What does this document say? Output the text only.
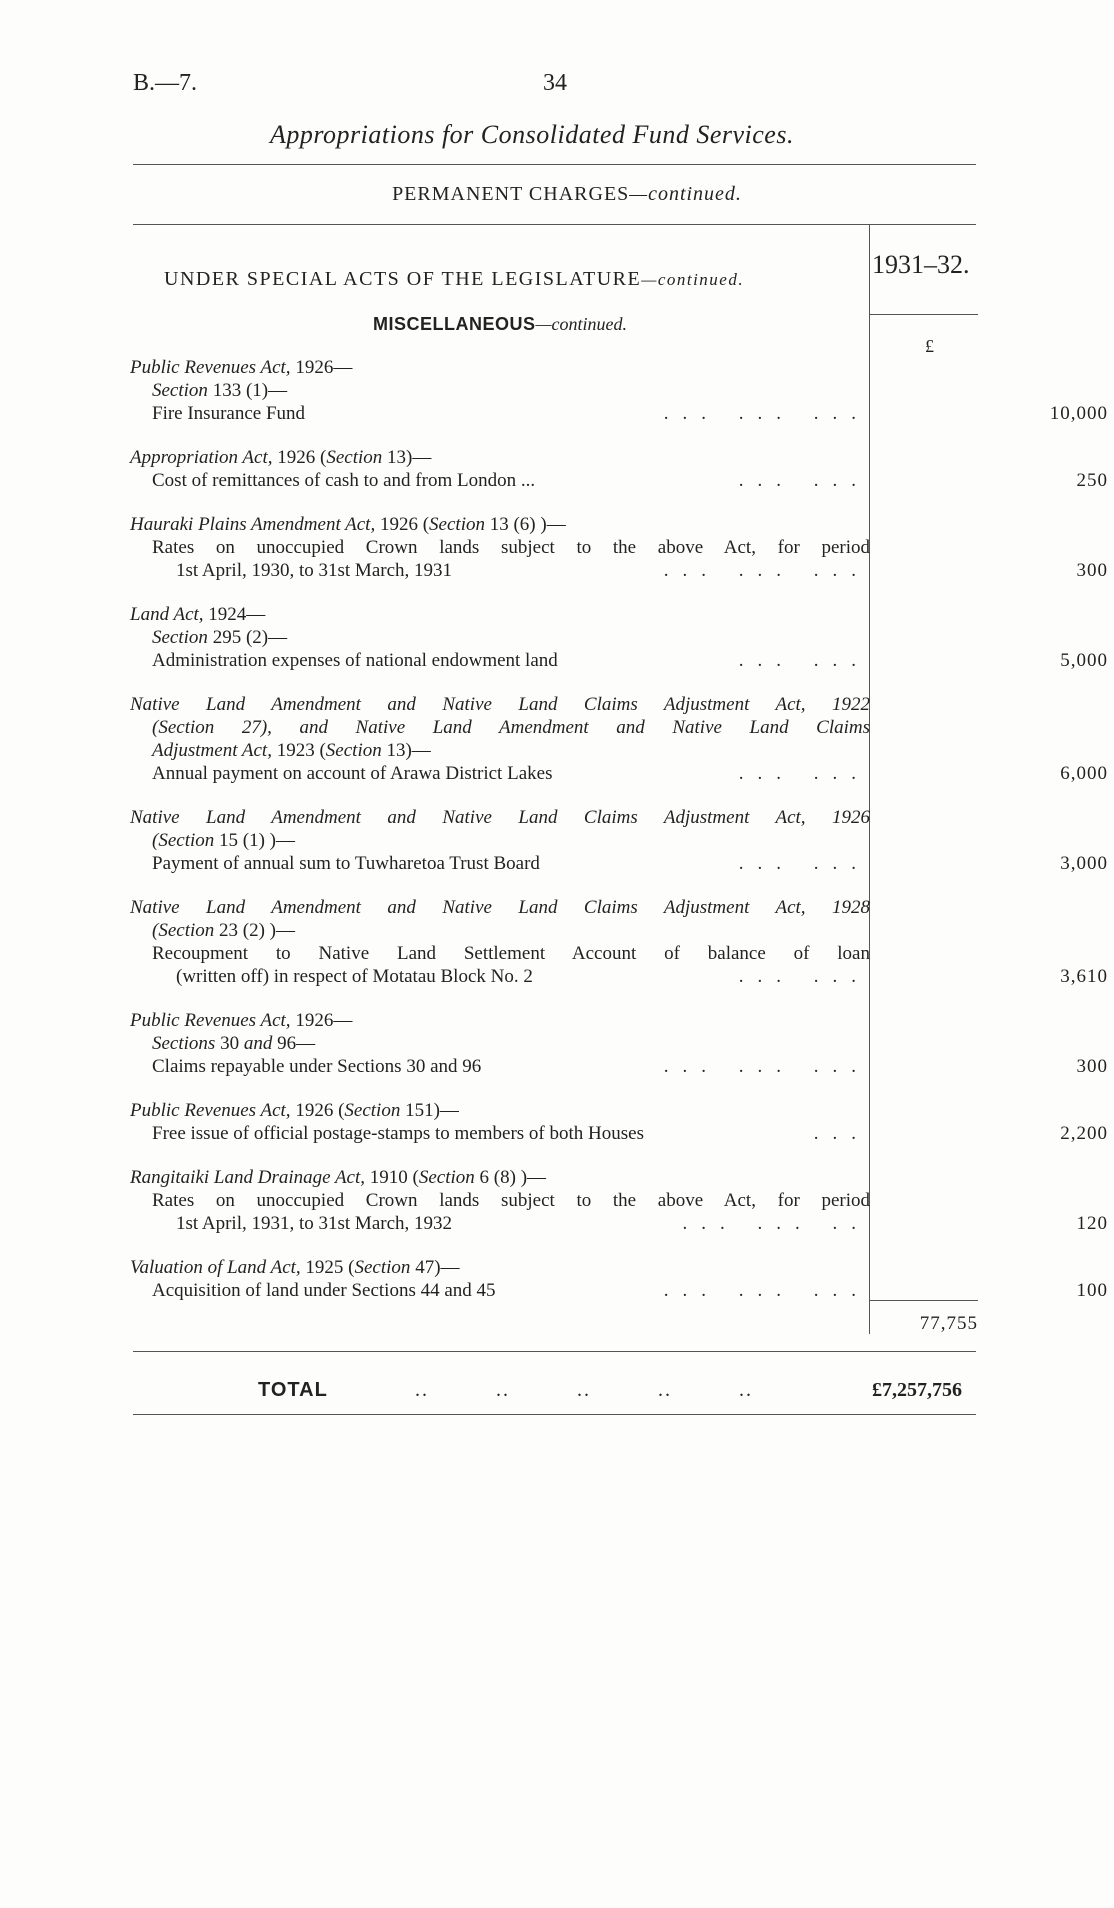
B.—7.	34
Appropriations for Consolidated Fund Services.
PERMANENT CHARGES—continued.
1931–32.
UNDER SPECIAL ACTS OF THE LEGISLATURE—continued.
MISCELLANEOUS—continued.
£
Public Revenues Act, 1926—
Section 133 (1)—
Fire Insurance Fund	... ... ...	10,000
Appropriation Act, 1926 (Section 13)—
Cost of remittances of cash to and from London ...	... ...	250
Hauraki Plains Amendment Act, 1926 (Section 13 (6) )—
Rates on unoccupied Crown lands subject to the above Act, for period
1st April, 1930, to 31st March, 1931	... ... ...	300
Land Act, 1924—
Section 295 (2)—
Administration expenses of national endowment land	... ...	5,000
Native Land Amendment and Native Land Claims Adjustment Act, 1922
(Section 27), and Native Land Amendment and Native Land Claims
Adjustment Act, 1923 (Section 13)—
Annual payment on account of Arawa District Lakes	... ...	6,000
Native Land Amendment and Native Land Claims Adjustment Act, 1926
(Section 15 (1) )—
Payment of annual sum to Tuwharetoa Trust Board	... ...	3,000
Native Land Amendment and Native Land Claims Adjustment Act, 1928
(Section 23 (2) )—
Recoupment to Native Land Settlement Account of balance of loan
(written off) in respect of Motatau Block No. 2	... ...	3,610
Public Revenues Act, 1926—
Sections 30 and 96—
Claims repayable under Sections 30 and 96	... ... ...	300
Public Revenues Act, 1926 (Section 151)—
Free issue of official postage-stamps to members of both Houses	...	2,200
Rangitaiki Land Drainage Act, 1910 (Section 6 (8) )—
Rates on unoccupied Crown lands subject to the above Act, for period
1st April, 1931, to 31st March, 1932	... ... ..	120
Valuation of Land Act, 1925 (Section 47)—
Acquisition of land under Sections 44 and 45	... ... ...	100
77,755
TOTAL	.. .. .. .. ..	£7,257,756
